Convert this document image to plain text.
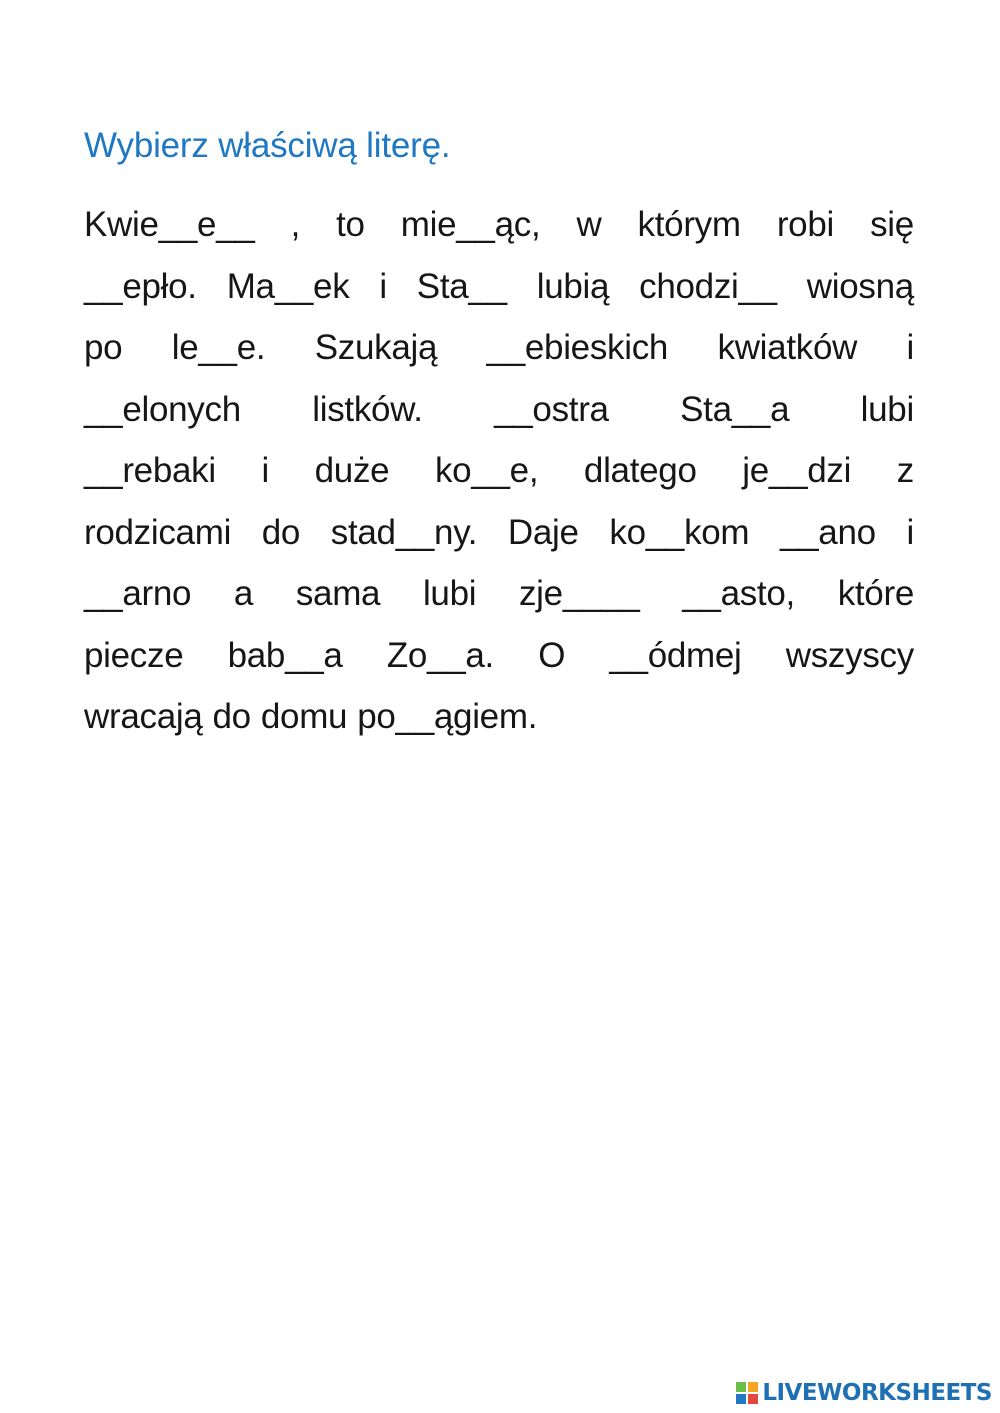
Wybierz właściwą literę.
Kwie__e__ , to mie__ąc, w którym robi się
__epło. Ma__ek i Sta__ lubią chodzi__ wiosną
po le__e. Szukają __ebieskich kwiatków i
__elonych listków. __ostra Sta__a lubi
__rebaki i duże ko__e, dlatego je__dzi z
rodzicami do stad__ny. Daje ko__kom __ano i
__arno a sama lubi zje____ __asto, które
piecze bab__a Zo__a. O __ódmej wszyscy
wracają do domu po__ągiem.
LIVEWORKSHEETS
